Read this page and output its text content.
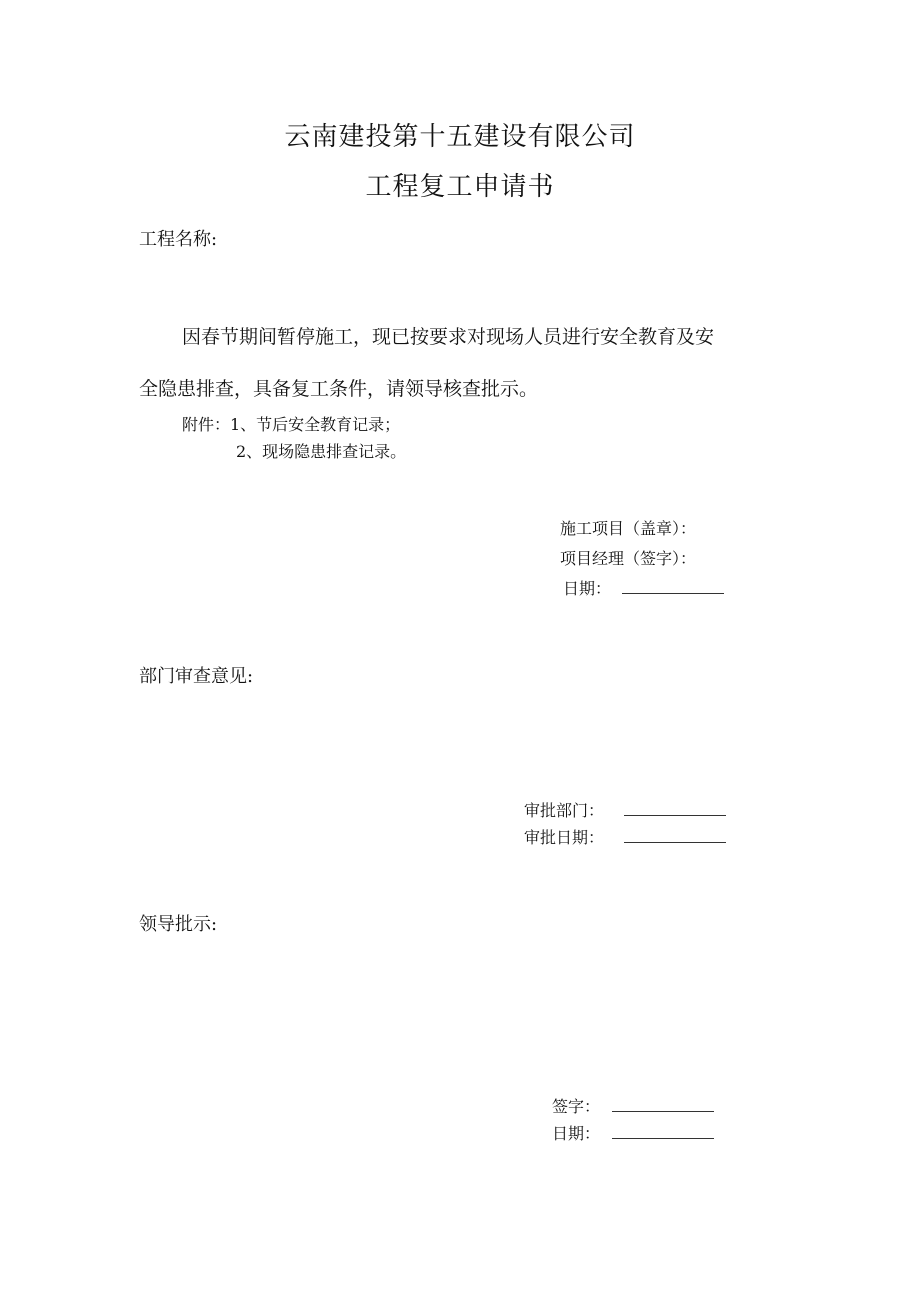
云南建投第十五建设有限公司
工程复工申请书
工程名称:
因春节期间暂停施工，现已按要求对现场人员进行安全教育及安
全隐患排查，具备复工条件，请领导核查批示。
附件：1、节后安全教育记录；
2、现场隐患排查记录。
施工项目（盖章）：
项目经理（签字）：
日期：
部门审查意见:
审批部门：
审批日期：
领导批示:
签字：
日期：
